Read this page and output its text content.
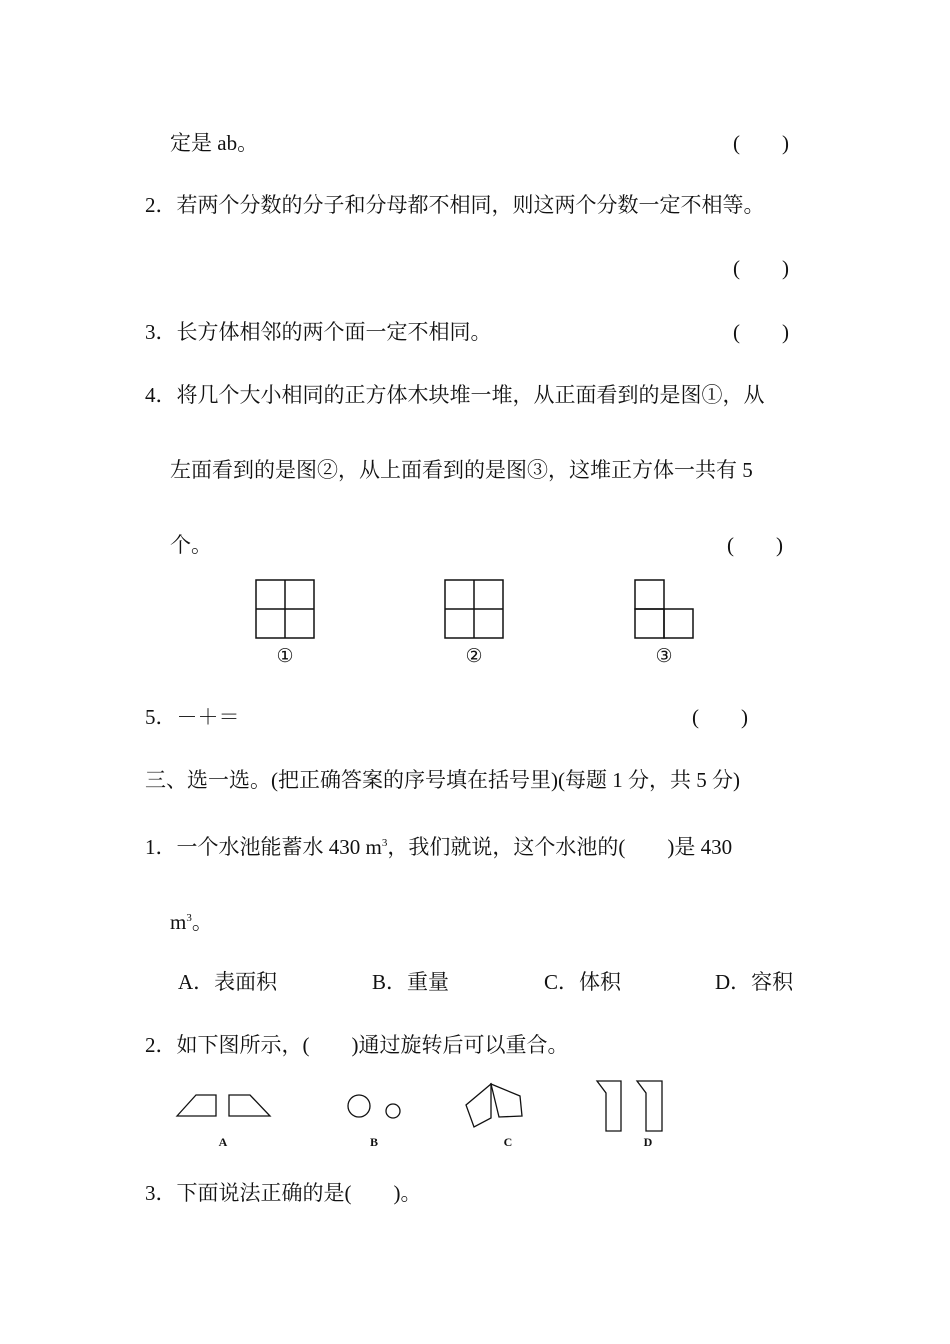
定是 ab。	(　　)
2．若两个分数的分子和分母都不相同，则这两个分数一定不相等。
(　　)
3．长方体相邻的两个面一定不相同。	(　　)
4．将几个大小相同的正方体木块堆一堆，从正面看到的是图①，从
左面看到的是图②，从上面看到的是图③，这堆正方体一共有 5
个。	(　　)
①	②	③
5．－＋＝	(　　)
三、选一选。(把正确答案的序号填在括号里)(每题 1 分，共 5 分)
1．一个水池能蓄水 430 $m^3$，我们就说，这个水池的(　　)是 430
$m^3$。
A．表面积	B．重量	C．体积	D．容积
2．如下图所示，(　　)通过旋转后可以重合。
A	B	C	D
3．下面说法正确的是(　　)。
